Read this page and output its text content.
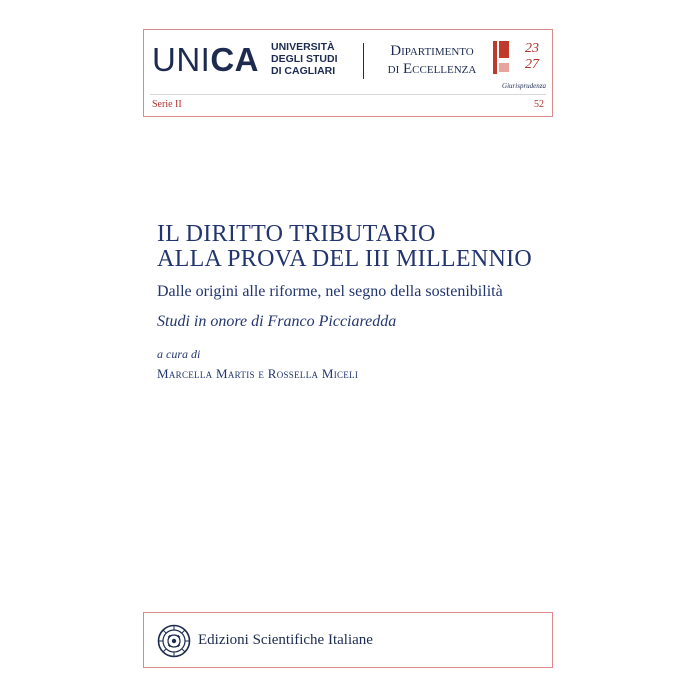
UNICA UNIVERSITÀ
DEGLI STUDI
DI CAGLIARI
Dipartimento
di Eccellenza
23
27
Giurisprudenza
Serie II	52
IL DIRITTO TRIBUTARIO
ALLA PROVA DEL III MILLENNIO
Dalle origini alle riforme, nel segno della sostenibilità
Studi in onore di Franco Picciaredda
a cura di
Marcella Martis e Rossella Miceli
Edizioni Scientifiche Italiane
